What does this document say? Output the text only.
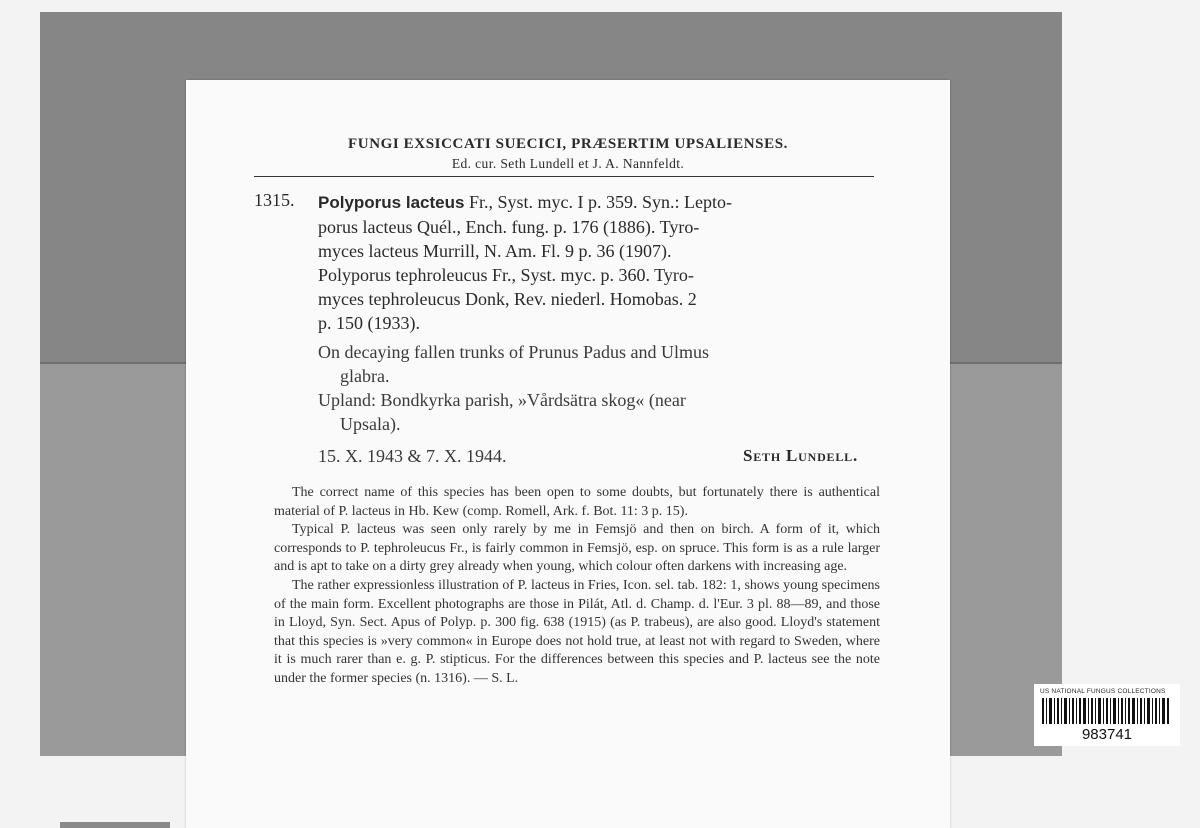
FUNGI EXSICCATI SUECICI, PRÆSERTIM UPSALIENSES.
Ed. cur. Seth Lundell et J. A. Nannfeldt.
1315. Polyporus lacteus Fr., Syst. myc. I p. 359. Syn.: Lepto-
porus lacteus Quél., Ench. fung. p. 176 (1886). Tyro-
myces lacteus Murrill, N. Am. Fl. 9 p. 36 (1907).
Polyporus tephroleucus Fr., Syst. myc. p. 360. Tyro-
myces tephroleucus Donk, Rev. niederl. Homobas. 2
p. 150 (1933).
On decaying fallen trunks of Prunus Padus and Ulmus
glabra.
Upland: Bondkyrka parish, »Vårdsätra skog« (near
Upsala).
15. X. 1943 & 7. X. 1944.	Seth Lundell.

The correct name of this species has been open to some doubts, but fortunately there is authentical material of P. lacteus in Hb. Kew (comp. Romell, Ark. f. Bot. 11: 3 p. 15).

Typical P. lacteus was seen only rarely by me in Femsjö and then on birch. A form of it, which corresponds to P. tephroleucus Fr., is fairly common in Femsjö, esp. on spruce. This form is as a rule larger and is apt to take on a dirty grey already when young, which colour often darkens with increasing age.

The rather expressionless illustration of P. lacteus in Fries, Icon. sel. tab. 182: 1, shows young specimens of the main form. Excellent photographs are those in Pilát, Atl. d. Champ. d. l'Eur. 3 pl. 88—89, and those in Lloyd, Syn. Sect. Apus of Polyp. p. 300 fig. 638 (1915) (as P. trabeus), are also good. Lloyd's statement that this species is »very common« in Europe does not hold true, at least not with regard to Sweden, where it is much rarer than e. g. P. stipticus. For the differences between this species and P. lacteus see the note under the former species (n. 1316). — S. L.

US NATIONAL FUNGUS COLLECTIONS
983741
